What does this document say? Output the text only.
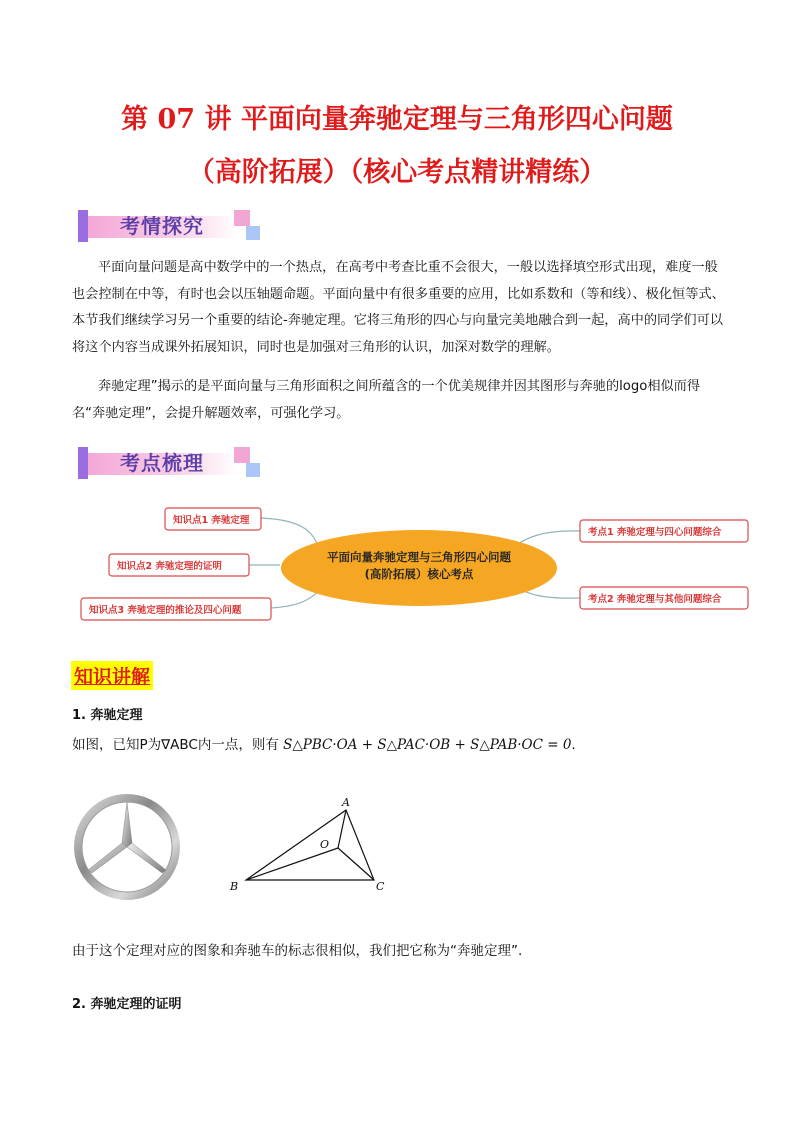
第 07 讲 平面向量奔驰定理与三角形四心问题
（高阶拓展）（核心考点精讲精练）
考情探究
平面向量问题是高中数学中的一个热点，在高考中考查比重不会很大，一般以选择填空形式出现，难度一般也会控制在中等，有时也会以压轴题命题。平面向量中有很多重要的应用，比如系数和（等和线）、极化恒等式、本节我们继续学习另一个重要的结论-奔驰定理。它将三角形的四心与向量完美地融合到一起，高中的同学们可以将这个内容当成课外拓展知识，同时也是加强对三角形的认识，加深对数学的理解。
奔驰定理”揭示的是平面向量与三角形面积之间所蕴含的一个优美规律并因其图形与奔驰的logo相似而得名“奔驰定理”，会提升解题效率，可强化学习。
考点梳理
平面向量奔驰定理与三角形四心问题
(高阶拓展）核心考点
知识点1 奔驰定理
知识点2 奔驰定理的证明
知识点3 奔驰定理的推论及四心问题
考点1 奔驰定理与四心问题综合
考点2 奔驰定理与其他问题综合
知识讲解
1. 奔驰定理
如图，已知P为∇ABC内一点，则有 S△PBC·OA + S△PAC·OB + S△PAB·OC = 0.
A
B	C
O
由于这个定理对应的图象和奔驰车的标志很相似，我们把它称为“奔驰定理”.
2. 奔驰定理的证明
